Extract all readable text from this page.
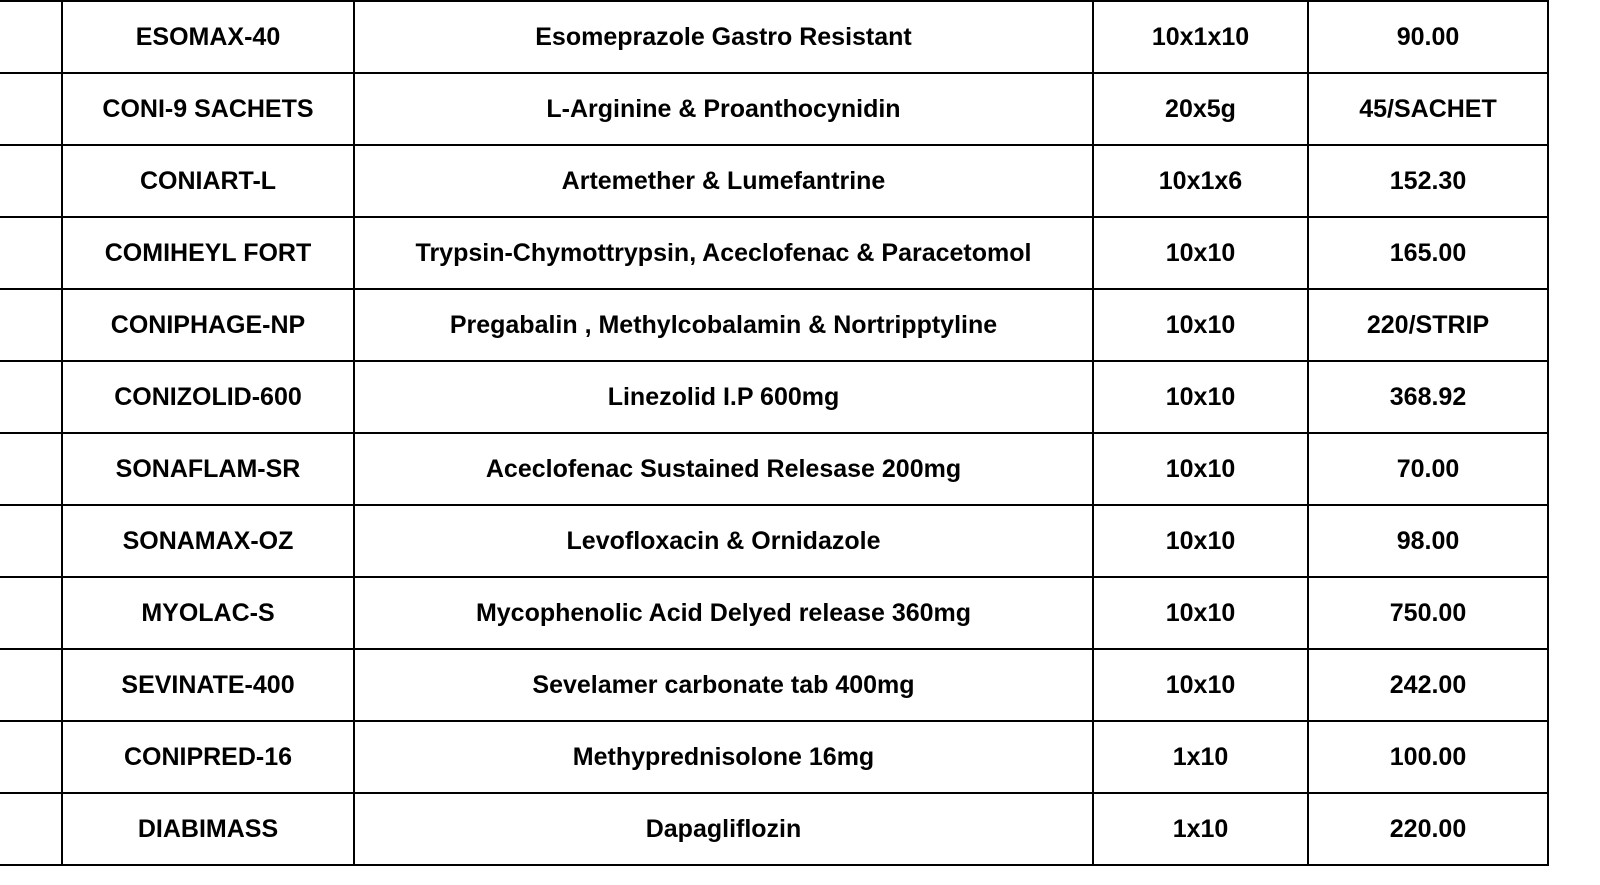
	ESOMAX-40	Esomeprazole Gastro Resistant	10x1x10	90.00
	CONI-9 SACHETS	L-Arginine & Proanthocynidin	20x5g	45/SACHET
	CONIART-L	Artemether & Lumefantrine	10x1x6	152.30
	COMIHEYL FORT	Trypsin-Chymottrypsin, Aceclofenac & Paracetomol	10x10	165.00
	CONIPHAGE-NP	Pregabalin , Methylcobalamin & Nortripptyline	10x10	220/STRIP
	CONIZOLID-600	Linezolid I.P 600mg	10x10	368.92
	SONAFLAM-SR	Aceclofenac Sustained Relesase 200mg	10x10	70.00
	SONAMAX-OZ	Levofloxacin & Ornidazole	10x10	98.00
	MYOLAC-S	Mycophenolic Acid Delyed release 360mg	10x10	750.00
	SEVINATE-400	Sevelamer carbonate tab 400mg	10x10	242.00
	CONIPRED-16	Methyprednisolone 16mg	1x10	100.00
	DIABIMASS	Dapagliflozin	1x10	220.00
